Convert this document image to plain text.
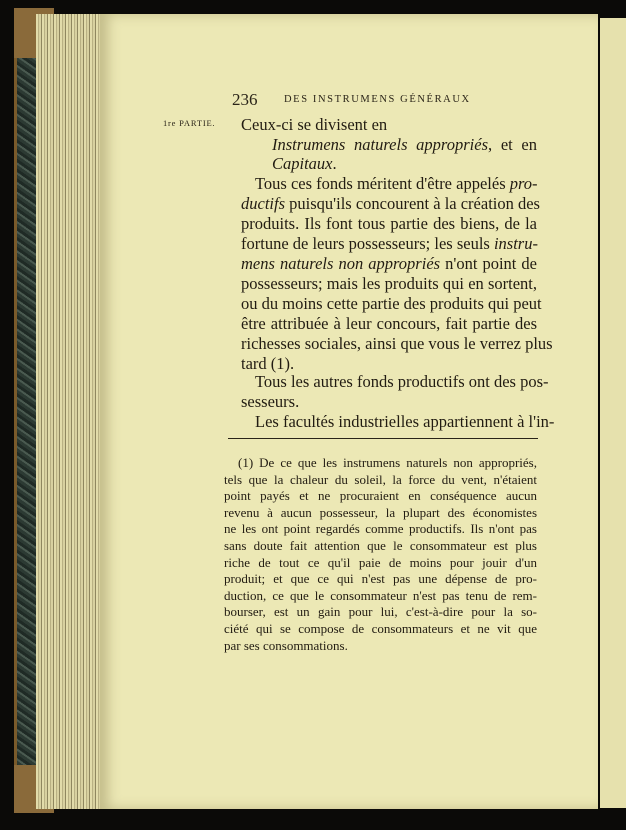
236	DES INSTRUMENS GÉNÉRAUX
1re PARTIE. Ceux-ci se divisent en
Instrumens naturels appropriés, et en
Capitaux.
Tous ces fonds méritent d'être appelés pro-
ductifs puisqu'ils concourent à la création des
produits. Ils font tous partie des biens, de la
fortune de leurs possesseurs; les seuls instru-
mens naturels non appropriés n'ont point de
possesseurs; mais les produits qui en sortent,
ou du moins cette partie des produits qui peut
être attribuée à leur concours, fait partie des
richesses sociales, ainsi que vous le verrez plus
tard (1).
Tous les autres fonds productifs ont des pos-
sesseurs.
Les facultés industrielles appartiennent à l'in-
(1) De ce que les instrumens naturels non appropriés,
tels que la chaleur du soleil, la force du vent, n'étaient
point payés et ne procuraient en conséquence aucun
revenu à aucun possesseur, la plupart des économistes
ne les ont point regardés comme productifs. Ils n'ont pas
sans doute fait attention que le consommateur est plus
riche de tout ce qu'il paie de moins pour jouir d'un
produit; et que ce qui n'est pas une dépense de pro-
duction, ce que le consommateur n'est pas tenu de rem-
bourser, est un gain pour lui, c'est-à-dire pour la so-
ciété qui se compose de consommateurs et ne vit que
par ses consommations.
